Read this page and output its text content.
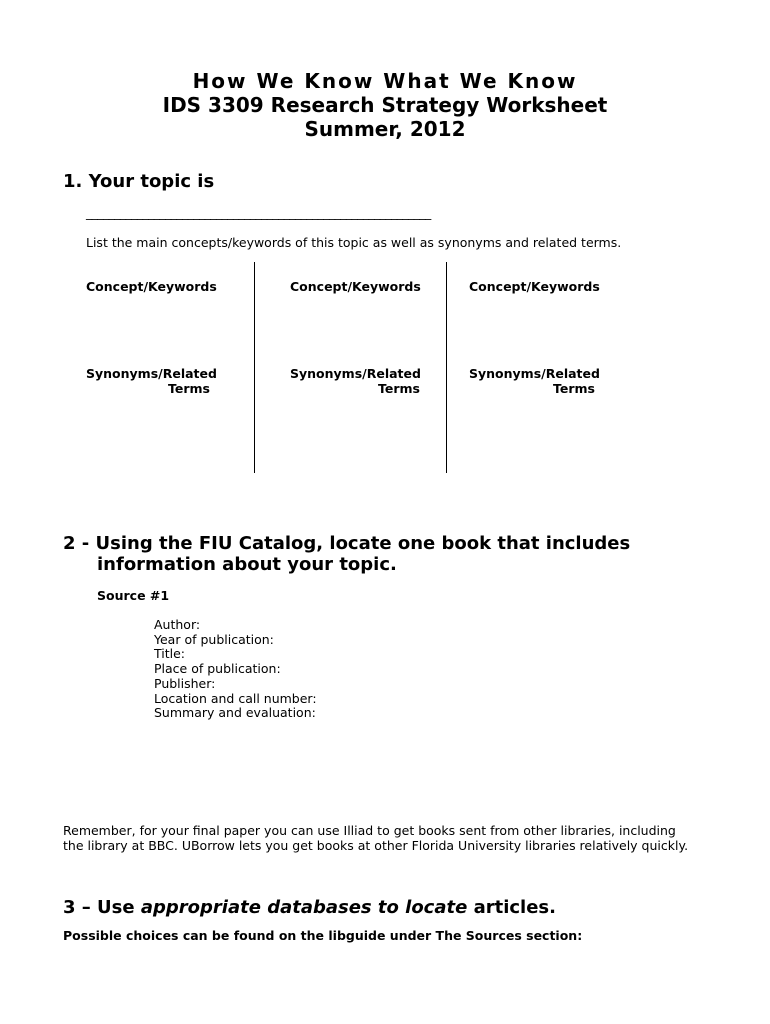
How We Know What We Know
IDS 3309 Research Strategy Worksheet
Summer, 2012
1. Your topic is
_____________________________________________________________
List the main concepts/keywords of this topic as well as synonyms and related terms.
Concept/Keywords	Concept/Keywords	Concept/Keywords
Synonyms/Related
Terms
Synonyms/Related
Terms
Synonyms/Related
Terms
2 - Using the FIU Catalog, locate one book that includes
information about your topic.
Source #1
Author:
Year of publication:
Title:
Place of publication:
Publisher:
Location and call number:
Summary and evaluation:
Remember, for your final paper you can use Illiad to get books sent from other libraries, including
the library at BBC. UBorrow lets you get books at other Florida University libraries relatively quickly.
3 – Use appropriate databases to locate articles.
Possible choices can be found on the libguide under The Sources section:
